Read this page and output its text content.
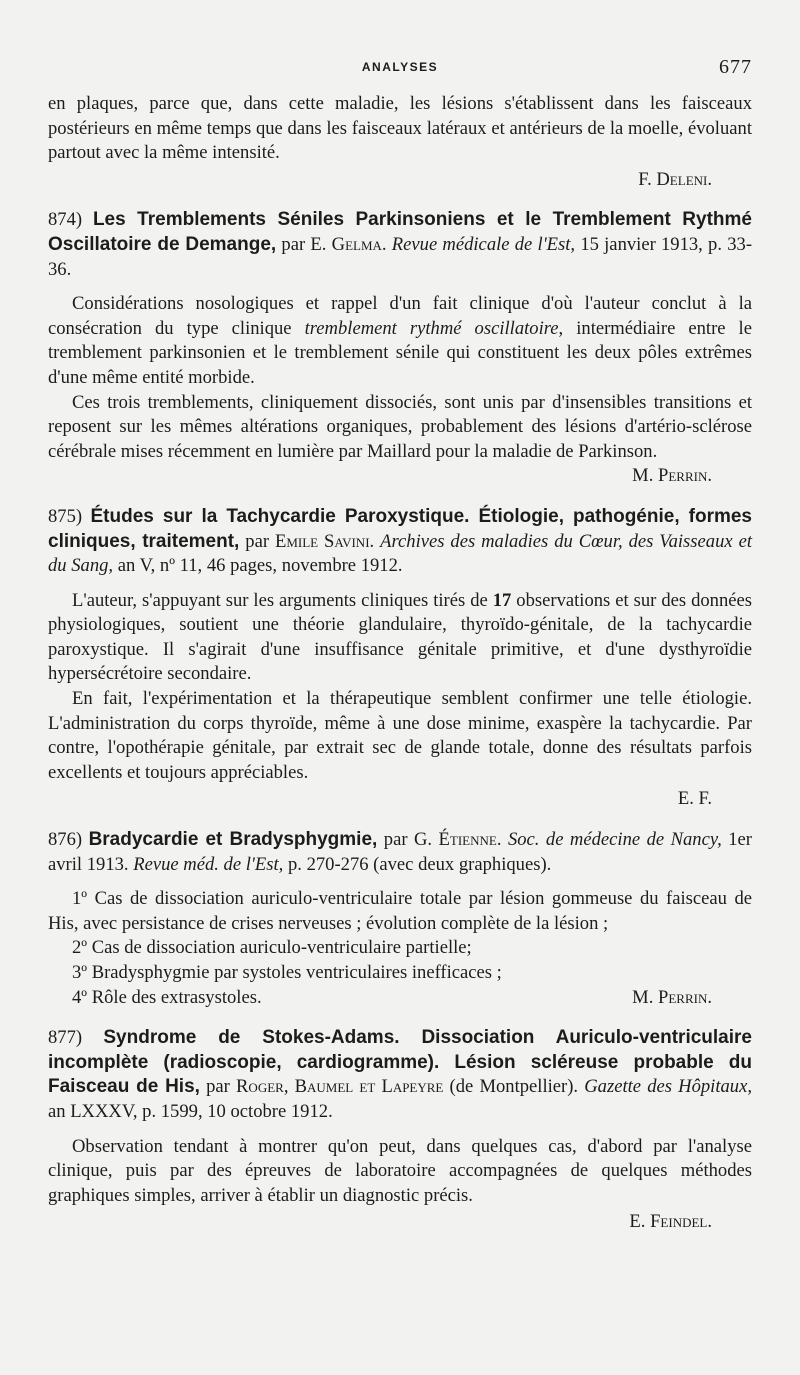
ANALYSES	677

en plaques, parce que, dans cette maladie, les lésions s'établissent dans les faisceaux postérieurs en même temps que dans les faisceaux latéraux et antérieurs de la moelle, évoluant partout avec la même intensité.

F. Deleni.

874) Les Tremblements Séniles Parkinsoniens et le Tremblement Rythmé Oscillatoire de Demange, par E. Gelma. Revue médicale de l'Est, 15 janvier 1913, p. 33-36.

Considérations nosologiques et rappel d'un fait clinique d'où l'auteur conclut à la consécration du type clinique tremblement rythmé oscillatoire, intermédiaire entre le tremblement parkinsonien et le tremblement sénile qui constituent les deux pôles extrêmes d'une même entité morbide.

Ces trois tremblements, cliniquement dissociés, sont unis par d'insensibles transitions et reposent sur les mêmes altérations organiques, probablement des lésions d'artério-sclérose cérébrale mises récemment en lumière par Maillard pour la maladie de Parkinson.
M. Perrin.

875) Études sur la Tachycardie Paroxystique. Étiologie, pathogénie, formes cliniques, traitement, par Emile Savini. Archives des maladies du Cœur, des Vaisseaux et du Sang, an V, nº 11, 46 pages, novembre 1912.

L'auteur, s'appuyant sur les arguments cliniques tirés de 17 observations et sur des données physiologiques, soutient une théorie glandulaire, thyroïdo-génitale, de la tachycardie paroxystique. Il s'agirait d'une insuffisance génitale primitive, et d'une dysthyroïdie hypersécrétoire secondaire.

En fait, l'expérimentation et la thérapeutique semblent confirmer une telle étiologie. L'administration du corps thyroïde, même à une dose minime, exaspère la tachycardie. Par contre, l'opothérapie génitale, par extrait sec de glande totale, donne des résultats parfois excellents et toujours appréciables.

E. F.

876) Bradycardie et Bradysphygmie, par G. Étienne. Soc. de médecine de Nancy, 1er avril 1913. Revue méd. de l'Est, p. 270-276 (avec deux graphiques).

1º Cas de dissociation auriculo-ventriculaire totale par lésion gommeuse du faisceau de His, avec persistance de crises nerveuses ; évolution complète de la lésion ;

2º Cas de dissociation auriculo-ventriculaire partielle;

3º Bradysphygmie par systoles ventriculaires inefficaces ;

4º Rôle des extrasystoles.	M. Perrin.

877) Syndrome de Stokes-Adams. Dissociation Auriculo-ventriculaire incomplète (radioscopie, cardiogramme). Lésion scléreuse probable du Faisceau de His, par Roger, Baumel et Lapeyre (de Montpellier). Gazette des Hôpitaux, an LXXXV, p. 1599, 10 octobre 1912.

Observation tendant à montrer qu'on peut, dans quelques cas, d'abord par l'analyse clinique, puis par des épreuves de laboratoire accompagnées de quelques méthodes graphiques simples, arriver à établir un diagnostic précis.

E. Feindel.
